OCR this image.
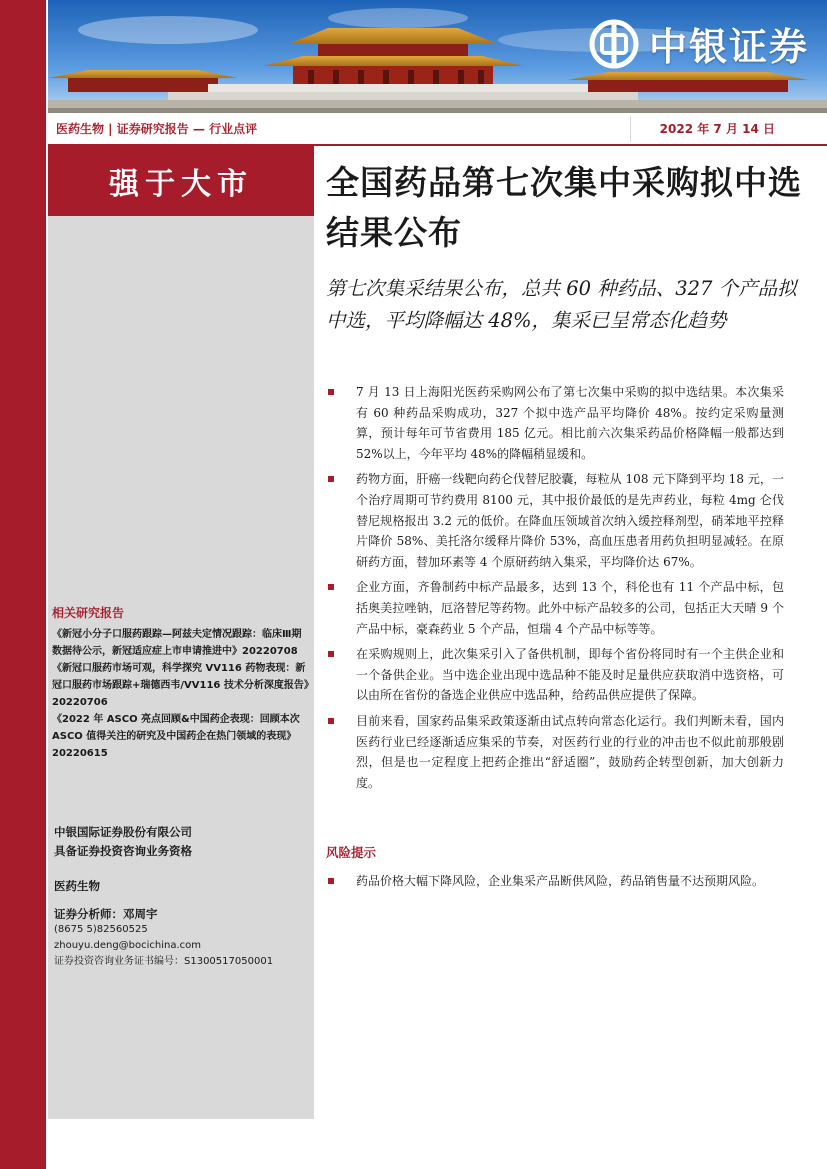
中银证券
医药生物 | 证券研究报告 — 行业点评	2022 年 7 月 14 日
强于大市
相关研究报告
《新冠小分子口服药跟踪—阿兹夫定情况跟踪：临床Ⅲ期数据待公示，新冠适应症上市申请推进中》20220708
《新冠口服药市场可观，科学探究 VV116 药物表现：新冠口服药市场跟踪+瑞德西韦/VV116 技术分析深度报告》20220706
《2022 年 ASCO 亮点回顾&中国药企表现：回顾本次 ASCO 值得关注的研究及中国药企在热门领域的表现》20220615
中银国际证券股份有限公司
具备证券投资咨询业务资格
医药生物
证券分析师：邓周宇
(8675 5)82560525
zhouyu.deng@bocichina.com
证券投资咨询业务证书编号：S1300517050001
全国药品第七次集中采购拟中选结果公布
第七次集采结果公布，总共 60 种药品、327 个产品拟中选，平均降幅达 48%，集采已呈常态化趋势
7 月 13 日上海阳光医药采购网公布了第七次集中采购的拟中选结果。本次集采有 60 种药品采购成功，327 个拟中选产品平均降价 48%。按约定采购量测算，预计每年可节省费用 185 亿元。相比前六次集采药品价格降幅一般都达到 52%以上，今年平均 48%的降幅稍显缓和。
药物方面，肝癌一线靶向药仑伐替尼胶囊，每粒从 108 元下降到平均 18 元，一个治疗周期可节约费用 8100 元，其中报价最低的是先声药业，每粒 4mg 仑伐替尼规格报出 3.2 元的低价。在降血压领域首次纳入缓控释剂型，硝苯地平控释片降价 58%、美托洛尔缓释片降价 53%，高血压患者用药负担明显减轻。在原研药方面，替加环素等 4 个原研药纳入集采，平均降价达 67%。
企业方面，齐鲁制药中标产品最多，达到 13 个，科伦也有 11 个产品中标，包括奥美拉唑钠，厄洛替尼等药物。此外中标产品较多的公司，包括正大天晴 9 个产品中标，豪森药业 5 个产品，恒瑞 4 个产品中标等等。
在采购规则上，此次集采引入了备供机制，即每个省份将同时有一个主供企业和一个备供企业。当中选企业出现中选品种不能及时足量供应获取消中选资格，可以由所在省份的备选企业供应中选品种，给药品供应提供了保障。
目前来看，国家药品集采政策逐渐由试点转向常态化运行。我们判断未看，国内医药行业已经逐渐适应集采的节奏，对医药行业的行业的冲击也不似此前那般剧烈，但是也一定程度上把药企推出“舒适圈”，鼓励药企转型创新，加大创新力度。
风险提示
药品价格大幅下降风险，企业集采产品断供风险，药品销售量不达预期风险。
